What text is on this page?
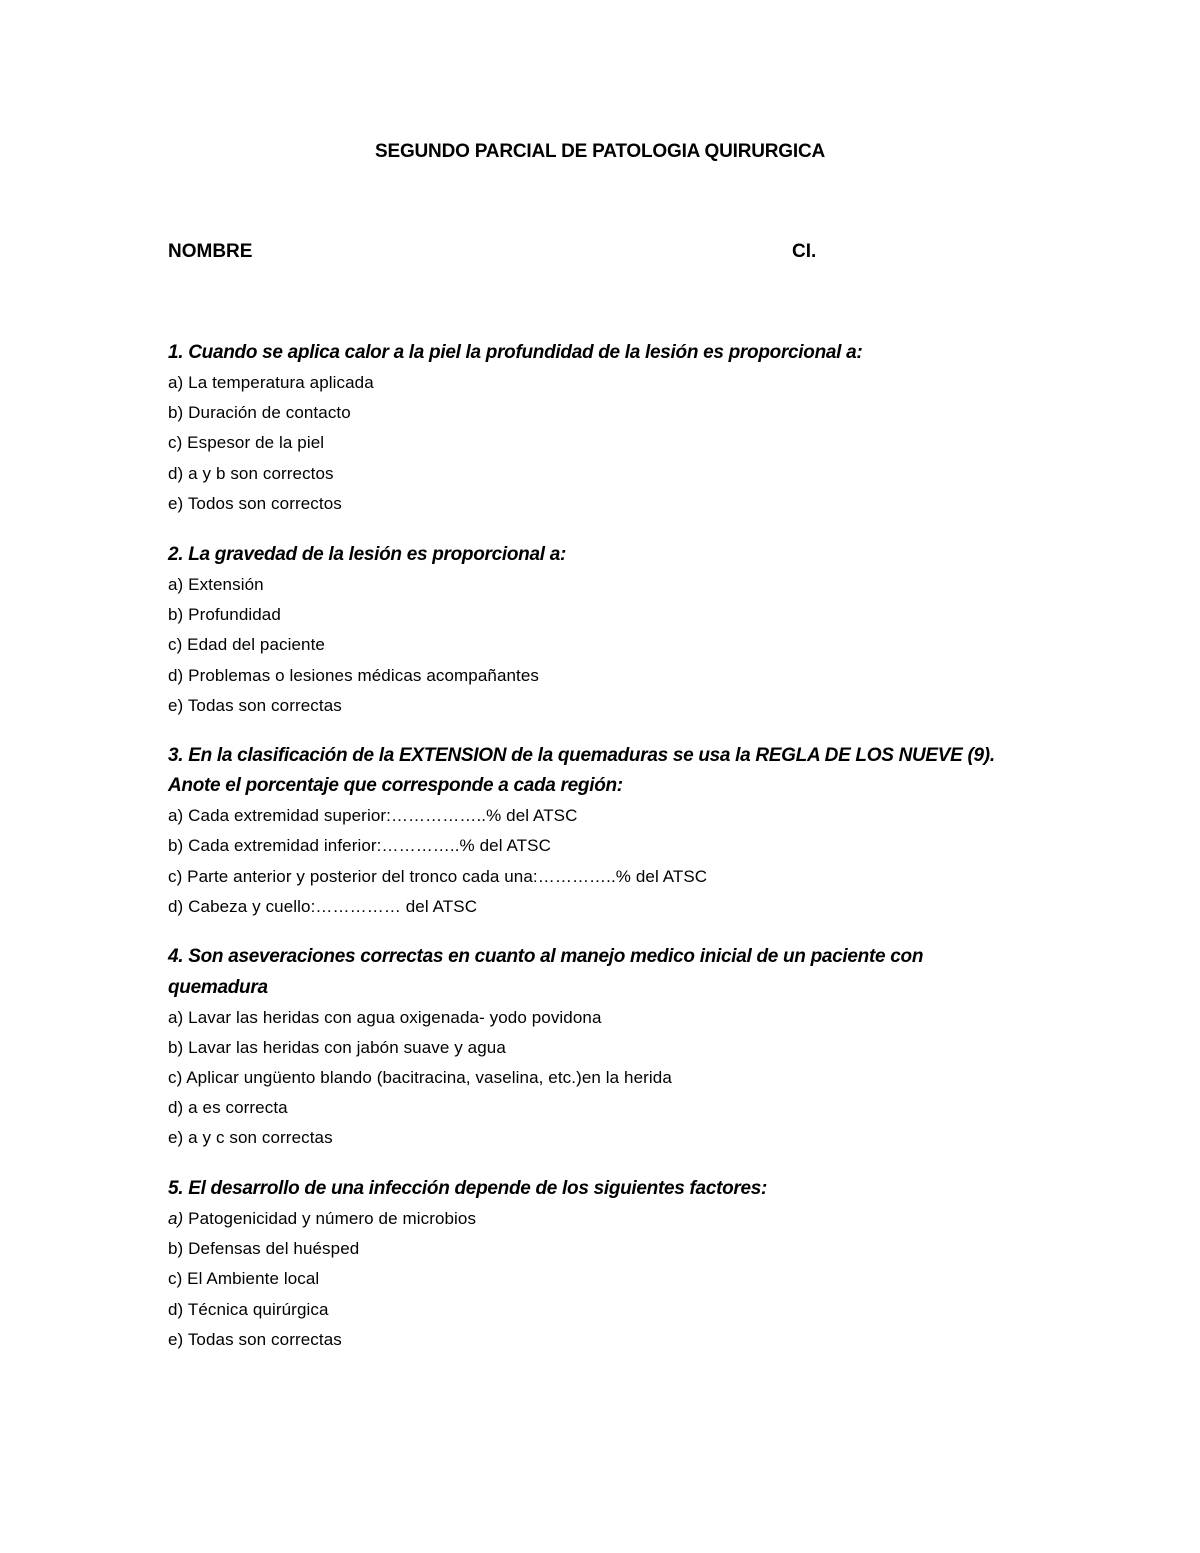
SEGUNDO PARCIAL DE PATOLOGIA QUIRURGICA
NOMBRE	CI.
1. Cuando se aplica calor a la piel la profundidad de la lesión es proporcional a:
a) La temperatura aplicada
b) Duración de contacto
c) Espesor de la piel
d) a y b son correctos
e) Todos son correctos
2. La gravedad de la lesión es proporcional a:
a) Extensión
b) Profundidad
c) Edad del paciente
d) Problemas o lesiones médicas acompañantes
e) Todas son correctas
3. En la clasificación de la EXTENSION de la quemaduras se usa la REGLA DE LOS NUEVE (9).
Anote el porcentaje que corresponde a cada región:
a) Cada extremidad superior:……………..% del ATSC
b) Cada extremidad inferior:…………..% del ATSC
c) Parte anterior y posterior del tronco cada una:…………..% del ATSC
d) Cabeza y cuello:…………… del ATSC
4. Son aseveraciones correctas en cuanto al manejo medico inicial de un paciente con
quemadura
a) Lavar las heridas con agua oxigenada- yodo povidona
b) Lavar las heridas con jabón suave y agua
c) Aplicar ungüento blando (bacitracina, vaselina, etc.)en la herida
d) a es correcta
e) a y c son correctas
5. El desarrollo de una infección depende de los siguientes factores:
a) Patogenicidad y número de microbios
b) Defensas del huésped
c) El Ambiente local
d) Técnica quirúrgica
e) Todas son correctas
